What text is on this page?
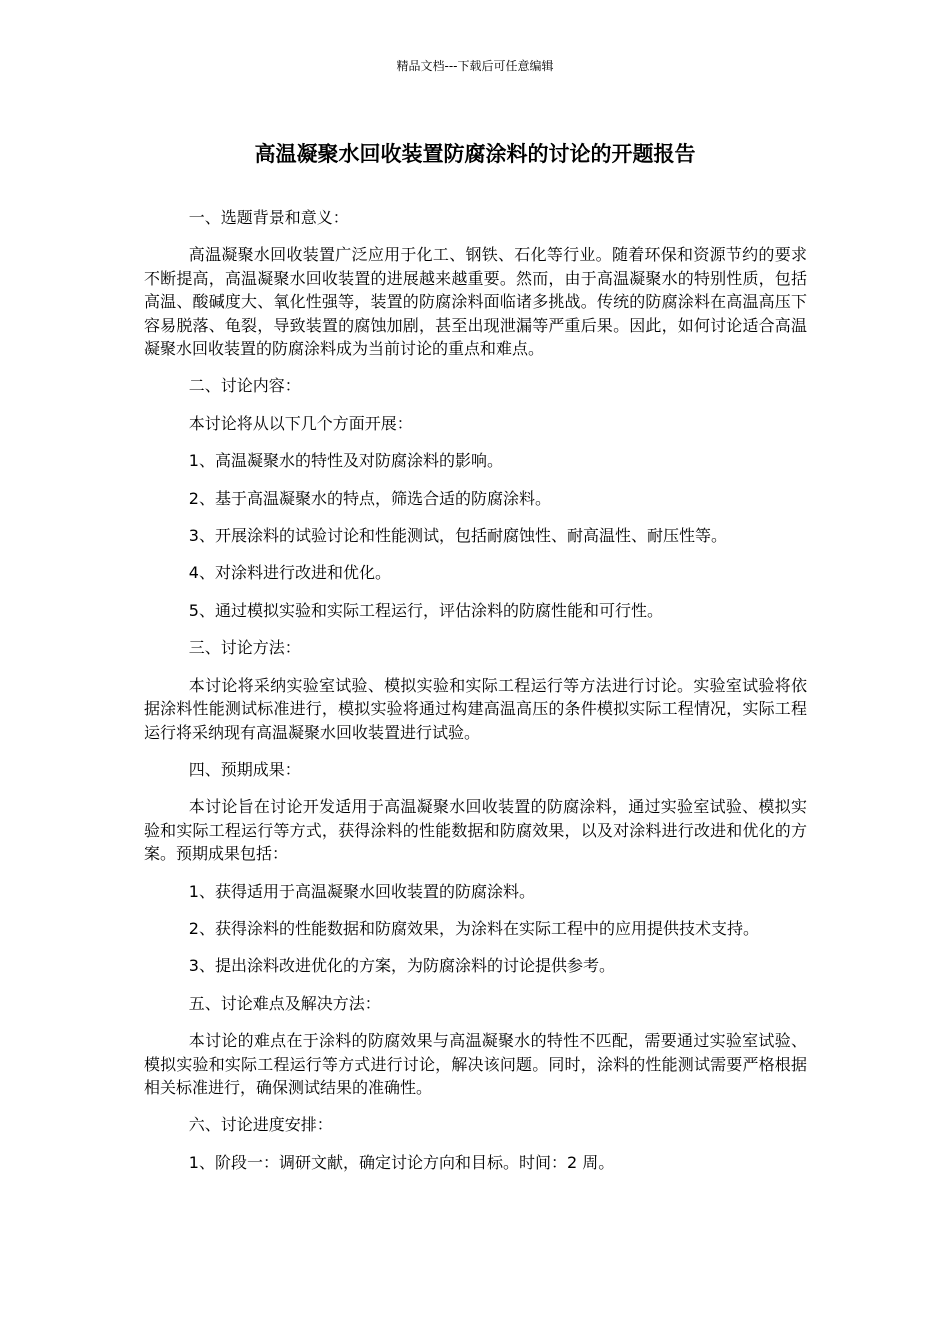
精品文档---下载后可任意编辑
高温凝聚水回收装置防腐涂料的讨论的开题报告

一、选题背景和意义：

高温凝聚水回收装置广泛应用于化工、钢铁、石化等行业。随着环保和资源节约的要求不断提高，高温凝聚水回收装置的进展越来越重要。然而，由于高温凝聚水的特别性质，包括高温、酸碱度大、氧化性强等，装置的防腐涂料面临诸多挑战。传统的防腐涂料在高温高压下容易脱落、龟裂，导致装置的腐蚀加剧，甚至出现泄漏等严重后果。因此，如何讨论适合高温凝聚水回收装置的防腐涂料成为当前讨论的重点和难点。

二、讨论内容：

本讨论将从以下几个方面开展：

1、高温凝聚水的特性及对防腐涂料的影响。

2、基于高温凝聚水的特点，筛选合适的防腐涂料。

3、开展涂料的试验讨论和性能测试，包括耐腐蚀性、耐高温性、耐压性等。

4、对涂料进行改进和优化。

5、通过模拟实验和实际工程运行，评估涂料的防腐性能和可行性。

三、讨论方法：

本讨论将采纳实验室试验、模拟实验和实际工程运行等方法进行讨论。实验室试验将依据涂料性能测试标准进行，模拟实验将通过构建高温高压的条件模拟实际工程情况，实际工程运行将采纳现有高温凝聚水回收装置进行试验。

四、预期成果：

本讨论旨在讨论开发适用于高温凝聚水回收装置的防腐涂料，通过实验室试验、模拟实验和实际工程运行等方式，获得涂料的性能数据和防腐效果，以及对涂料进行改进和优化的方案。预期成果包括：

1、获得适用于高温凝聚水回收装置的防腐涂料。

2、获得涂料的性能数据和防腐效果，为涂料在实际工程中的应用提供技术支持。

3、提出涂料改进优化的方案，为防腐涂料的讨论提供参考。

五、讨论难点及解决方法：

本讨论的难点在于涂料的防腐效果与高温凝聚水的特性不匹配，需要通过实验室试验、模拟实验和实际工程运行等方式进行讨论，解决该问题。同时，涂料的性能测试需要严格根据相关标准进行，确保测试结果的准确性。

六、讨论进度安排：

1、阶段一：调研文献，确定讨论方向和目标。时间：2 周。
